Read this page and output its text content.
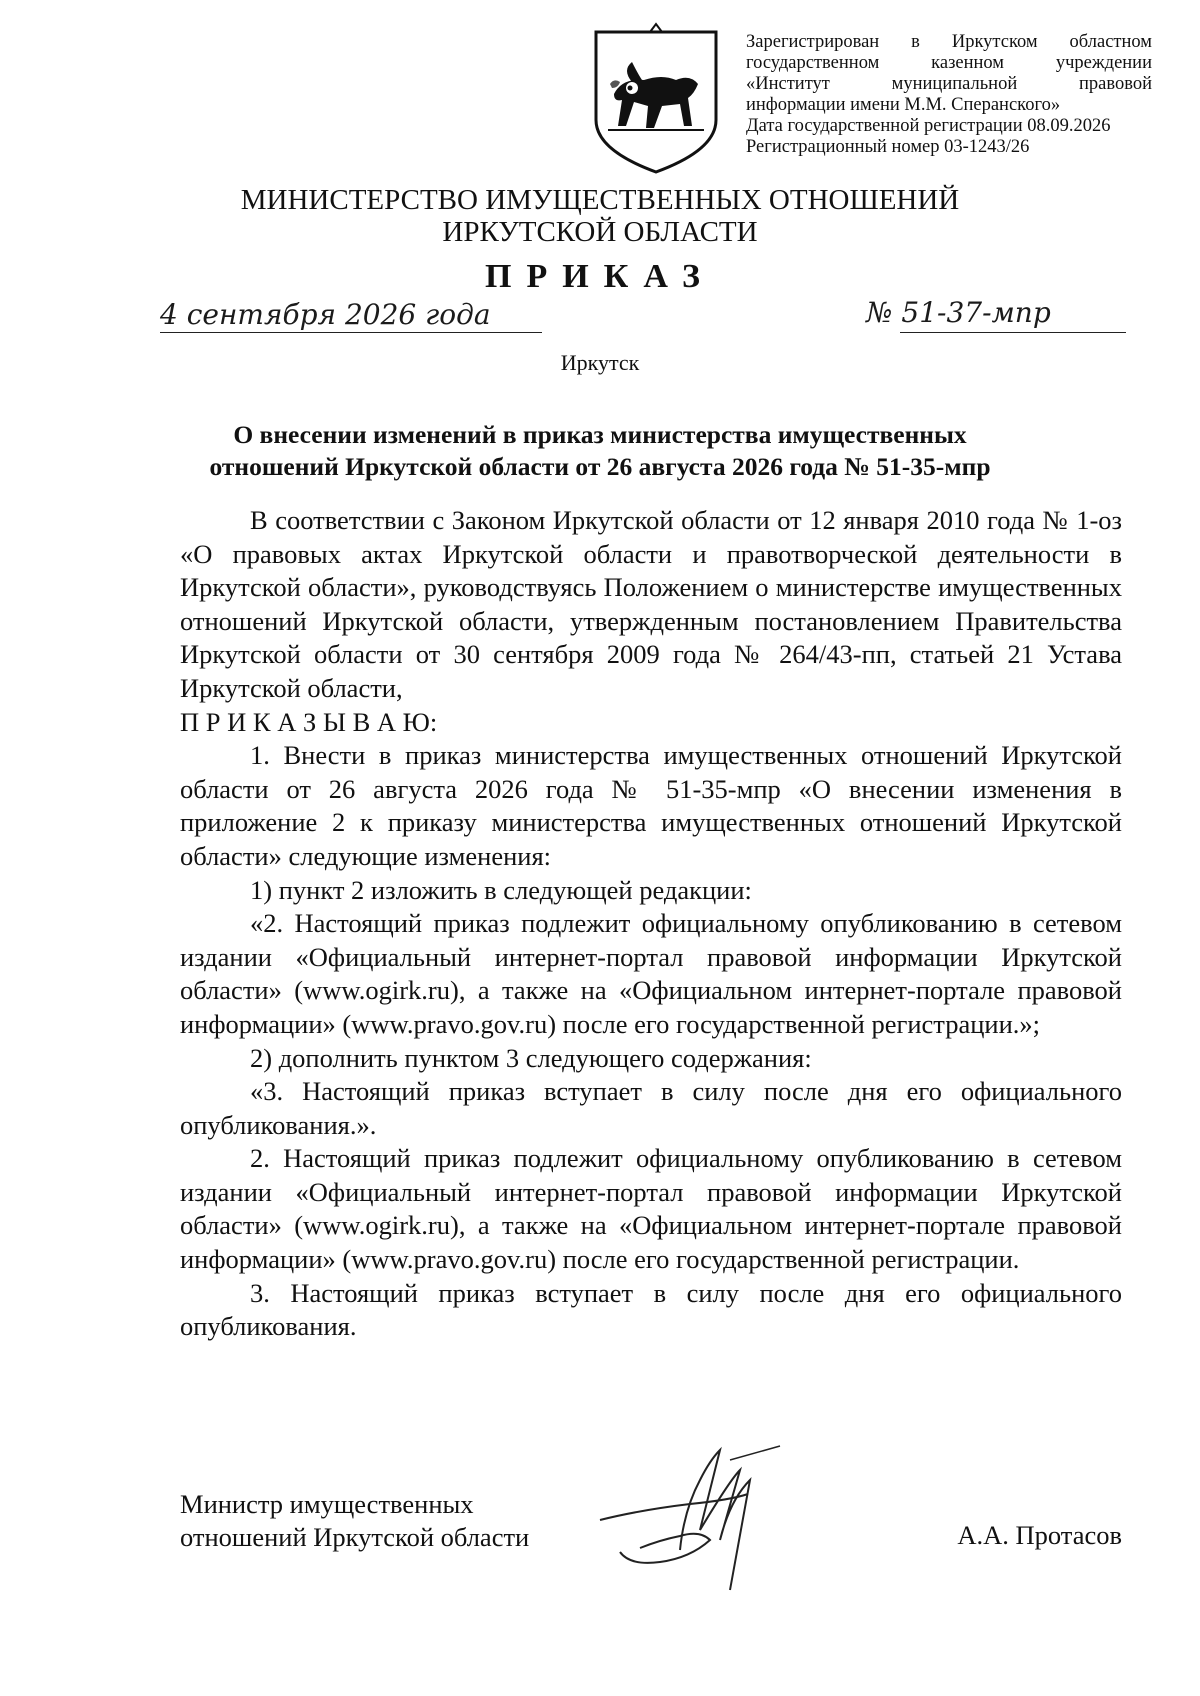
Зарегистрирован в Иркутском областном
государственном казенном учреждении
«Институт муниципальной правовой
информации имени М.М. Сперанского»
Дата государственной регистрации 08.09.2026
Регистрационный номер 03-1243/26
МИНИСТЕРСТВО ИМУЩЕСТВЕННЫХ ОТНОШЕНИЙ
ИРКУТСКОЙ ОБЛАСТИ
ПРИКАЗ
4 сентября 2026 года	№ 51-37-мпр
Иркутск
О внесении изменений в приказ министерства имущественных
отношений Иркутской области от 26 августа 2026 года № 51-35-мпр

В соответствии с Законом Иркутской области от 12 января 2010 года № 1-оз «О правовых актах Иркутской области и правотворческой деятельности в Иркутской области», руководствуясь Положением о министерстве имущественных отношений Иркутской области, утвержденным постановлением Правительства Иркутской области от 30 сентября 2009 года № 264/43-пп, статьей 21 Устава Иркутской области,

П Р И К А З Ы В А Ю:

1. Внести в приказ министерства имущественных отношений Иркутской области от 26 августа 2026 года № 51-35-мпр «О внесении изменения в приложение 2 к приказу министерства имущественных отношений Иркутской области» следующие изменения:

1) пункт 2 изложить в следующей редакции:

«2. Настоящий приказ подлежит официальному опубликованию в сетевом издании «Официальный интернет-портал правовой информации Иркутской области» (www.ogirk.ru), а также на «Официальном интернет-портале правовой информации» (www.pravo.gov.ru) после его государственной регистрации.»;

2) дополнить пунктом 3 следующего содержания:

«3. Настоящий приказ вступает в силу после дня его официального опубликования.».

2. Настоящий приказ подлежит официальному опубликованию в сетевом издании «Официальный интернет-портал правовой информации Иркутской области» (www.ogirk.ru), а также на «Официальном интернет-портале правовой информации» (www.pravo.gov.ru) после его государственной регистрации.

3. Настоящий приказ вступает в силу после дня его официального опубликования.

Министр имущественных
отношений Иркутской области	А.А. Протасов
